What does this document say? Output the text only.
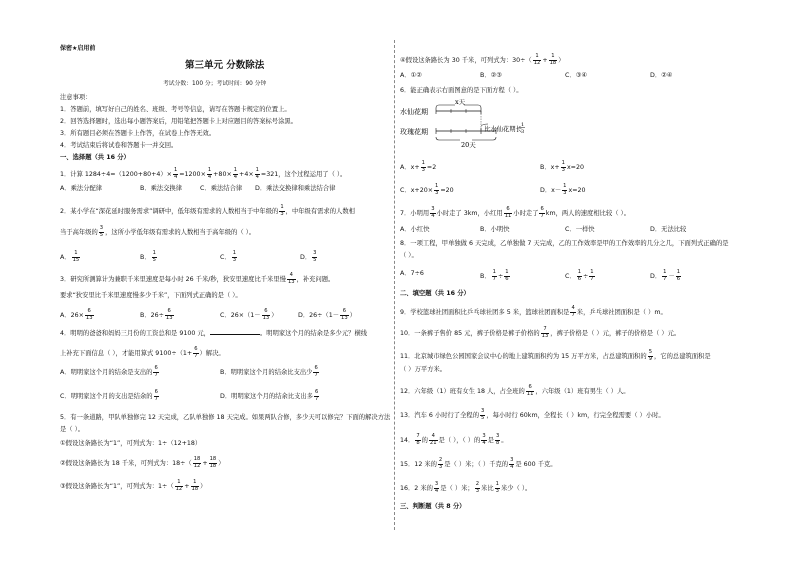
保密★启用前
第三单元 分数除法
考试分数：100 分；考试时间：90 分钟
注意事项：
1．答题前，填写好自己的姓名、班级、考号等信息，请写在答题卡规定的位置上。
2．回答选择题时，选出每小题答案后，用铅笔把答题卡上对应题目的答案标号涂黑。
3．所有题目必须在答题卡上作答，在试卷上作答无效。
4．考试结束后将试卷和答题卡一并交回。
一、选择题（共 16 分）
1．计算 $1284\div 4=(1200+80+4)\times \frac{1}{4} =1200\times \frac{1}{4} +80\times \frac{1}{4} +4\times \frac{1}{4} =321$，这个过程运用了（ ）。
A．乘法分配律	B．乘法交换律	C．乘法结合律 D．乘法交换律和乘法结合律
2．某小学在“深花延时服务需求”调研中，低年级有需求的人数相当于中年级的 $\frac{1}{3}$ ，中年级有需求的人数相
当于高年级的 $\frac{3}{5}$ ，这所小学低年级有需求的人数相当于高年级的（ ）。
A． $\frac{1}{15}$	B． $\frac{1}{5}$	C． $\frac{1}{3}$	D． $\frac{3}{5}$
3．研究所测算计为兼职千米里速度是每小时 26 千米/秒，狄安里速度比千米里慢 $\frac{4}{13}$ ，补充问题。
要求“狄安里比千米里速度慢多少千米”，下面列式正确的是（ ）。
A．$26\times \frac{6}{13}$	B．$26\div \frac{6}{13}$	C．$26\times(1- \frac{6}{13}$ ）	D．$26\div(1- \frac{6}{13}$ ）
4．明明的爸爸和妈妈三月份的工资总和是 9100 元，	。明明家这个月的结余是多少元？横线
上补充下面信息（ ），才能用算式 $9100\div(1+ \frac{6}{7}$ ）解决。
A．明明家这个月的结余是支出的 $\frac{6}{7}$	B．明明家这个月的结余比支出少 $\frac{6}{7}$
C．明明家这个月的支出是结余的 $\frac{6}{7}$	D．明明家这个月的结余比支出多 $\frac{6}{7}$
5．有一条道路，甲队单独修完 12 天完成，乙队单独修 18 天完成。如果两队合修，多少天可以修完？下面的解决方法
是（ ）。
①假设这条路长为“1”，可列式为：1÷（12+18）
②假设这条路长为 18 千米，可列式为：$18\div( \frac{18}{12} + \frac{18}{18}$ ）
③假设这条路长为“1”，可列式为：$1\div( \frac{1}{12} + \frac{1}{18}$ ）
④假设这条路长为 30 千米，可列式为：$30\div( \frac{1}{12} + \frac{1}{18}$ ）
A．①②	B．②③	C．③④	D．②④
6．能正确表示右面图意的是下面方程（ ）。
x天
水仙花期
玫瑰花期	比水仙花期长
1
3
20天
A．$x+ \frac{1}{3} =2$	B．$x+ \frac{1}{3} x=20$
C．$x+20\times \frac{1}{3} =20$	D．$x- \frac{1}{3} x=20$
7．小明用 $\frac{3}{4}$ 小时走了 3km，小红用 $\frac{6}{11}$ 小时走了 $\frac{6}{7}$ km，两人的速度相比较（ ）。
A．小红快	B．小明快	C．一样快	D．无法比较
8．一项工程，甲单独做 6 天完成，乙单独做 7 天完成，乙的工作效率是甲的工作效率的几分之几，下面列式正确的是
（ ）。
A．7÷6	B． $\frac{1}{7} \div \frac{1}{6}$	C． $\frac{1}{6} \div \frac{1}{7}$	D． $\frac{1}{7} - \frac{1}{6}$
二、填空题（共 16 分）
9．学校篮球社团面积比乒乓球社团多 5 米，篮球社团面积是 $\frac{4}{7}$ 米，乒乓球社团面积是（ ）m。
10．一条裤子售价 85 元，裤子价格是裤子价格的 $\frac{7}{13}$ ，裤子价格是（ ）元，裤子的价格是（ ）元。
11．北京城市绿色公园国家会议中心的地上建筑面积约为 15 万平方米，占总建筑面积的 $\frac{5}{9}$ ，它的总建筑面积是
（ ）万平方米。
12．六年级（1）班有女生 18 人，占全班的 $\frac{6}{11}$ ，六年级（1）班有男生（ ）人。
13．汽车 6 小时行了全程的 $\frac{3}{5}$ ，每小时行 60km，全程长（ ）km，行完全程需要（ ）小时。
14． $\frac{7}{8}$ 的 $\frac{4}{21}$ 是（ ），（ ）的 $\frac{3}{4}$ 是 $\frac{3}{8}$ 。
15．12 米的 $\frac{2}{3}$ 是（ ）米；（ ）千克的 $\frac{3}{4}$ 是 600 千克。
16．2 米的 $\frac{3}{4}$ 是（ ）米； $\frac{2}{3}$ 米比 $\frac{1}{3}$ 米少（ ）。
三、判断题（共 8 分）
